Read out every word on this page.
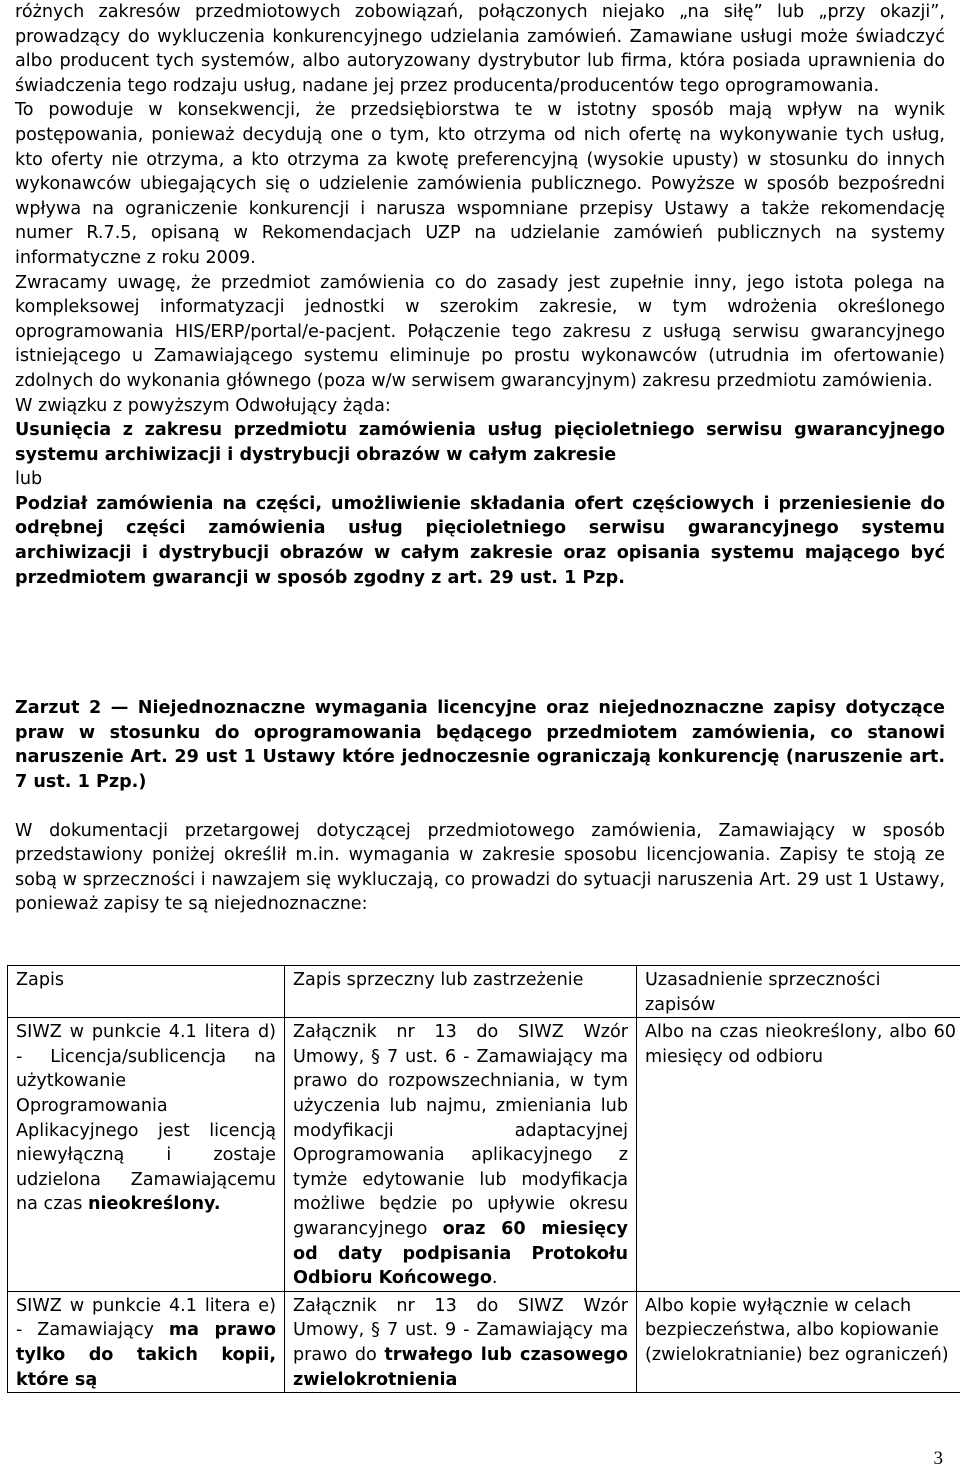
różnych zakresów przedmiotowych zobowiązań, połączonych niejako „na siłę” lub „przy okazji”, prowadzący do wykluczenia konkurencyjnego udzielania zamówień. Zamawiane usługi może świadczyć albo producent tych systemów, albo autoryzowany dystrybutor lub firma, która posiada uprawnienia do świadczenia tego rodzaju usług, nadane jej przez producenta/producentów tego oprogramowania.

To powoduje w konsekwencji, że przedsiębiorstwa te w istotny sposób mają wpływ na wynik postępowania, ponieważ decydują one o tym, kto otrzyma od nich ofertę na wykonywanie tych usług, kto oferty nie otrzyma, a kto otrzyma za kwotę preferencyjną (wysokie upusty) w stosunku do innych wykonawców ubiegających się o udzielenie zamówienia publicznego. Powyższe w sposób bezpośredni wpływa na ograniczenie konkurencji i narusza wspomniane przepisy Ustawy a także rekomendację numer R.7.5, opisaną w Rekomendacjach UZP na udzielanie zamówień publicznych na systemy informatyczne z roku 2009.

Zwracamy uwagę, że przedmiot zamówienia co do zasady jest zupełnie inny, jego istota polega na kompleksowej informatyzacji jednostki w szerokim zakresie, w tym wdrożenia określonego oprogramowania HIS/ERP/portal/e-pacjent. Połączenie tego zakresu z usługą serwisu gwarancyjnego istniejącego u Zamawiającego systemu eliminuje po prostu wykonawców (utrudnia im ofertowanie) zdolnych do wykonania głównego (poza w/w serwisem gwarancyjnym) zakresu przedmiotu zamówienia.

W związku z powyższym Odwołujący żąda:

Usunięcia z zakresu przedmiotu zamówienia usług pięcioletniego serwisu gwarancyjnego systemu archiwizacji i dystrybucji obrazów w całym zakresie

lub

Podział zamówienia na części, umożliwienie składania ofert częściowych i przeniesienie do odrębnej części zamówienia usług pięcioletniego serwisu gwarancyjnego systemu archiwizacji i dystrybucji obrazów w całym zakresie oraz opisania systemu mającego być przedmiotem gwarancji w sposób zgodny z art. 29 ust. 1 Pzp.

Zarzut 2 — Niejednoznaczne wymagania licencyjne oraz niejednoznaczne zapisy dotyczące praw w stosunku do oprogramowania będącego przedmiotem zamówienia, co stanowi naruszenie Art. 29 ust 1 Ustawy które jednoczesnie ograniczają konkurencję (naruszenie art. 7 ust. 1 Pzp.)

W dokumentacji przetargowej dotyczącej przedmiotowego zamówienia, Zamawiający w sposób przedstawiony poniżej określił m.in. wymagania w zakresie sposobu licencjowania. Zapisy te stoją ze sobą w sprzeczności i nawzajem się wykluczają, co prowadzi do sytuacji naruszenia Art. 29 ust 1 Ustawy, ponieważ zapisy te są niejednoznaczne:

Zapis	Zapis sprzeczny lub zastrzeżenie	Uzasadnienie sprzeczności zapisów
SIWZ w punkcie 4.1 litera d) - Licencja/sublicencja na użytkowanie Oprogramowania Aplikacyjnego jest licencją niewyłączną i zostaje udzielona Zamawiającemu na czas nieokreślony.	Załącznik nr 13 do SIWZ Wzór Umowy, § 7 ust. 6 - Zamawiający ma prawo do rozpowszechniania, w tym użyczenia lub najmu, zmieniania lub modyfikacji adaptacyjnej Oprogramowania aplikacyjnego z tymże edytowanie lub modyfikacja możliwe będzie po upływie okresu gwarancyjnego oraz 60 miesięcy od daty podpisania Protokołu Odbioru Końcowego.	Albo na czas nieokreślony, albo 60 miesięcy od odbioru
SIWZ w punkcie 4.1 litera e) - Zamawiający ma prawo tylko do takich kopii, które są	Załącznik nr 13 do SIWZ Wzór Umowy, § 7 ust. 9 - Zamawiający ma prawo do trwałego lub czasowego zwielokrotnienia	Albo kopie wyłącznie w celach bezpieczeństwa, albo kopiowanie (zwielokratnianie) bez ograniczeń)
3
